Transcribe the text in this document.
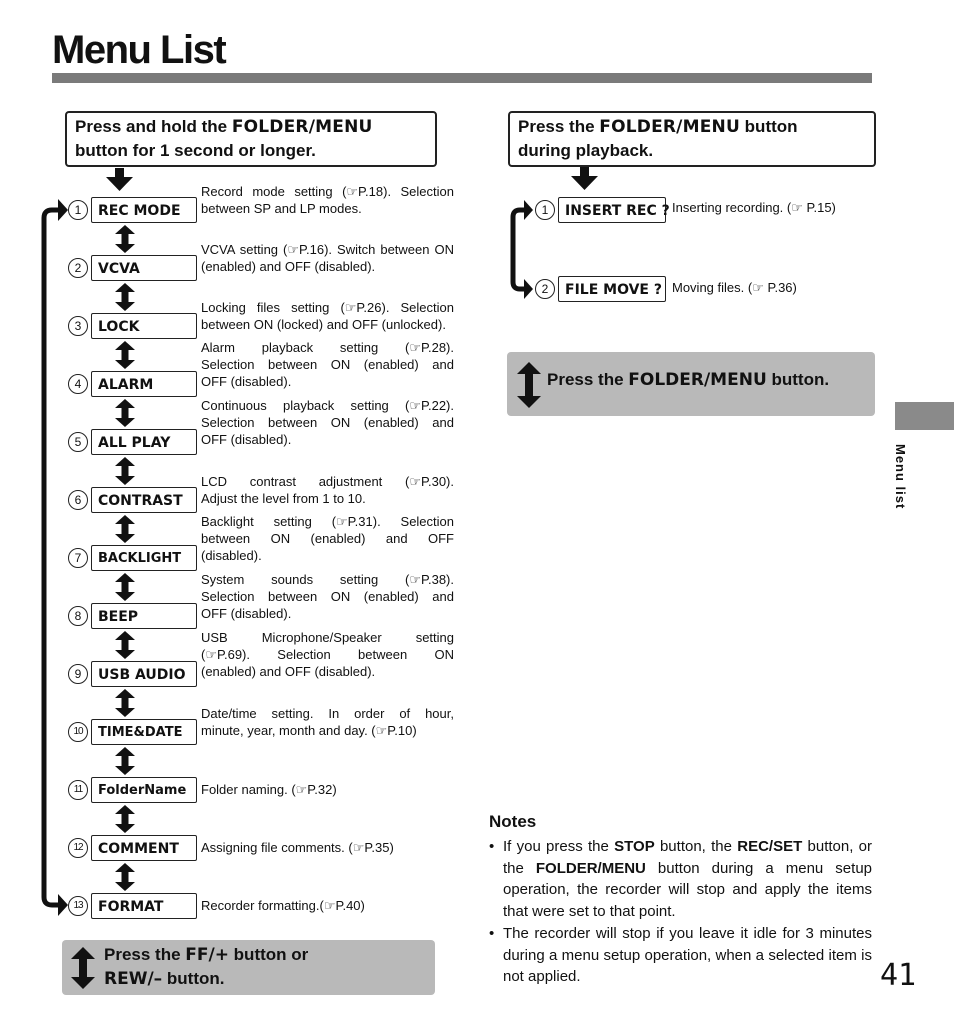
Menu List
Menu list
41
Press and hold the FOLDER/MENU
button for 1 second or longer.
1	REC MODE
Record mode setting (☞P.18). Selection
between SP and LP modes.
2	VCVA
VCVA setting (☞P.16). Switch between ON
(enabled) and OFF (disabled).
3	LOCK
Locking files setting (☞P.26). Selection
between ON (locked) and OFF (unlocked).
4	ALARM
Alarm playback setting (☞P.28).
Selection between ON (enabled) and
OFF (disabled).
5	ALL PLAY
Continuous playback setting (☞P.22).
Selection between ON (enabled) and
OFF (disabled).
6	CONTRAST
LCD contrast adjustment (☞P.30).
Adjust the level from 1 to 10.
7	BACKLIGHT
Backlight setting (☞P.31). Selection
between ON (enabled) and OFF
(disabled).
8	BEEP
System sounds setting (☞P.38).
Selection between ON (enabled) and
OFF (disabled).
9	USB AUDIO
USB Microphone/Speaker setting
(☞P.69). Selection between ON
(enabled) and OFF (disabled).
10	TIME&DATE
Date/time setting. In order of hour,
minute, year, month and day. (☞P.10)
11	FolderName	Folder naming. (☞P.32)
12	COMMENT	Assigning file comments. (☞P.35)
13	FORMAT	Recorder formatting.(☞P.40)
Press the FF/+ button or
REW/– button.
Press the FOLDER/MENU button
during playback.
1	INSERT REC ? Inserting recording. (☞ P.15)
2	FILE MOVE ? Moving files. (☞ P.36)
Press the FOLDER/MENU button.
Notes
• If you press the STOP button, the REC/SET button, or the FOLDER/MENU button during a menu setup operation, the recorder will stop and apply the items that were set to that point.
• The recorder will stop if you leave it idle for 3 minutes during a menu setup operation, when a selected item is not applied.
